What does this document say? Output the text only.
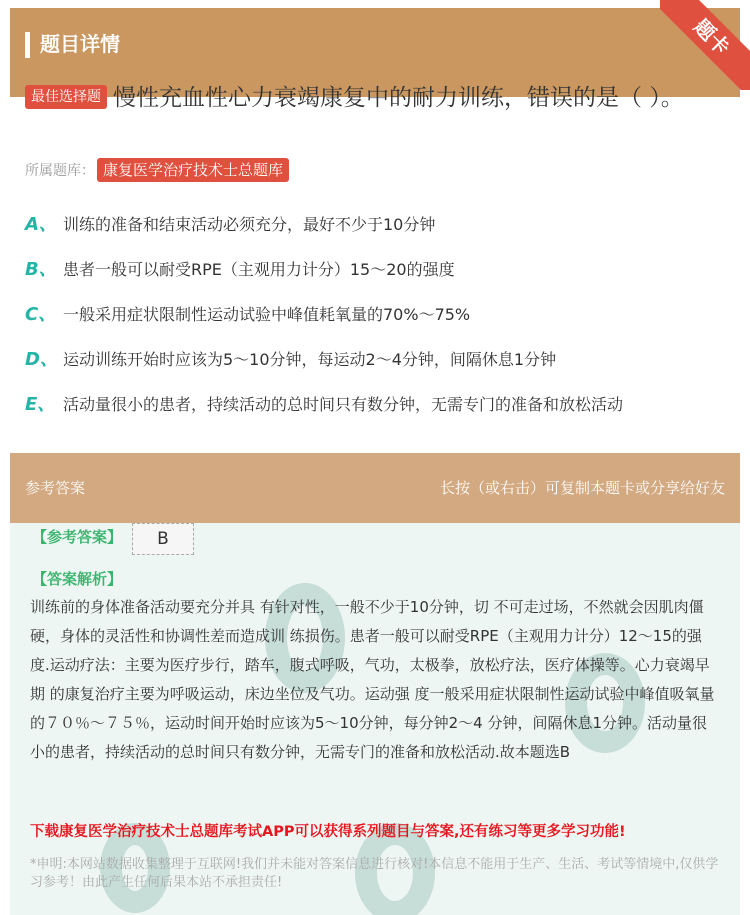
题目详情	题卡
最佳选择题 慢性充血性心力衰竭康复中的耐力训练，错误的是（ ）。
所属题库： 康复医学治疗技术士总题库
A、 训练的准备和结束活动必须充分，最好不少于10分钟
B、 患者一般可以耐受RPE（主观用力计分）15～20的强度
C、 一般采用症状限制性运动试验中峰值耗氧量的70%～75%
D、 运动训练开始时应该为5～10分钟，每运动2～4分钟，间隔休息1分钟
E、 活动量很小的患者，持续活动的总时间只有数分钟，无需专门的准备和放松活动
参考答案	长按（或右击）可复制本题卡或分享给好友
【参考答案】	B
【答案解析】
训练前的身体准备活动要充分并具 有针对性，一般不少于10分钟，切 不可走过场，不然就会因肌肉僵硬，身体的灵活性和协调性差而造成训 练损伤。患者一般可以耐受RPE（主观用力计分）12～15的强度.运动疗法：主要为医疗步行，踏车，腹式呼吸，气功，太极拳，放松疗法，医疗体操等。心力衰竭早期 的康复治疗主要为呼吸运动，床边坐位及气功。运动强 度一般采用症状限制性运动试验中峰值吸氧量的７０％～７５％，运动时间开始时应该为5～10分钟，每分钟2～4 分钟，间隔休息1分钟。活动量很小的患者，持续活动的总时间只有数分钟，无需专门的准备和放松活动.故本题选B
下载康复医学治疗技术士总题库考试APP可以获得系列题目与答案,还有练习等更多学习功能!
*申明:本网站数据收集整理于互联网!我们并未能对答案信息进行核对!本信息不能用于生产、生活、考试等情境中,仅供学习参考！由此产生任何后果本站不承担责任!
